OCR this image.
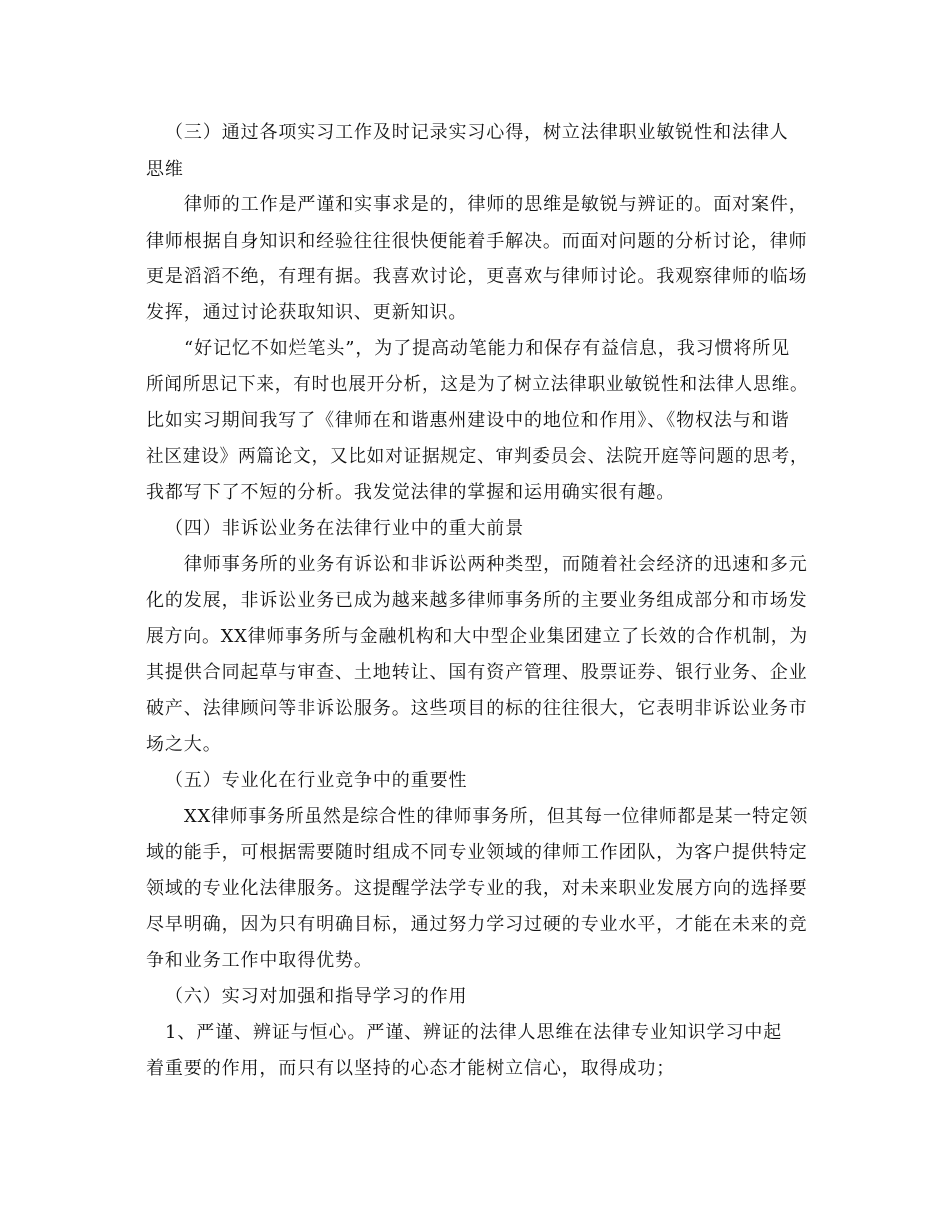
（三）通过各项实习工作及时记录实习心得，树立法律职业敏锐性和法律人
思维
律师的工作是严谨和实事求是的，律师的思维是敏锐与辨证的。面对案件，
律师根据自身知识和经验往往很快便能着手解决。而面对问题的分析讨论，律师
更是滔滔不绝，有理有据。我喜欢讨论，更喜欢与律师讨论。我观察律师的临场
发挥，通过讨论获取知识、更新知识。
“好记忆不如烂笔头”，为了提高动笔能力和保存有益信息，我习惯将所见
所闻所思记下来，有时也展开分析，这是为了树立法律职业敏锐性和法律人思维。
比如实习期间我写了《律师在和谐惠州建设中的地位和作用》、《物权法与和谐
社区建设》两篇论文，又比如对证据规定、审判委员会、法院开庭等问题的思考，
我都写下了不短的分析。我发觉法律的掌握和运用确实很有趣。
（四）非诉讼业务在法律行业中的重大前景
律师事务所的业务有诉讼和非诉讼两种类型，而随着社会经济的迅速和多元
化的发展，非诉讼业务已成为越来越多律师事务所的主要业务组成部分和市场发
展方向。XX律师事务所与金融机构和大中型企业集团建立了长效的合作机制，为
其提供合同起草与审查、土地转让、国有资产管理、股票证券、银行业务、企业
破产、法律顾问等非诉讼服务。这些项目的标的往往很大，它表明非诉讼业务市
场之大。
（五）专业化在行业竞争中的重要性
XX律师事务所虽然是综合性的律师事务所，但其每一位律师都是某一特定领
域的能手，可根据需要随时组成不同专业领域的律师工作团队，为客户提供特定
领域的专业化法律服务。这提醒学法学专业的我，对未来职业发展方向的选择要
尽早明确，因为只有明确目标，通过努力学习过硬的专业水平，才能在未来的竞
争和业务工作中取得优势。
（六）实习对加强和指导学习的作用
1、严谨、辨证与恒心。严谨、辨证的法律人思维在法律专业知识学习中起
着重要的作用，而只有以坚持的心态才能树立信心，取得成功；
